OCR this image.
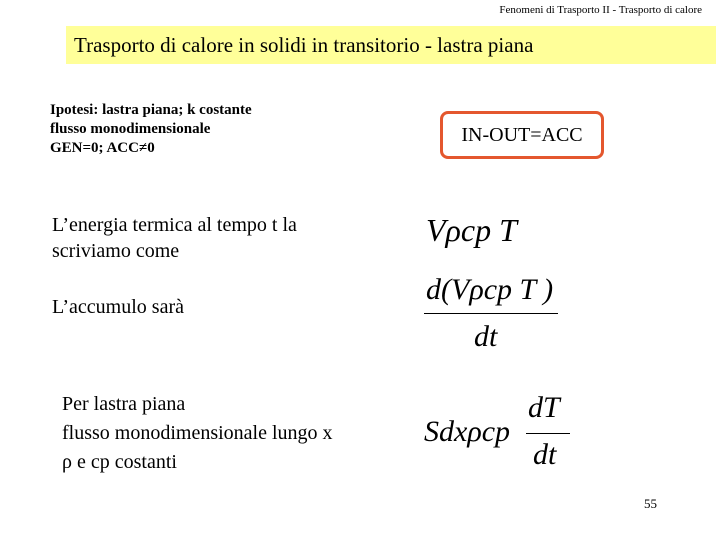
Fenomeni di Trasporto II - Trasporto di calore
Trasporto di calore in solidi in transitorio - lastra piana
Ipotesi: lastra piana; k costante
flusso monodimensionale
GEN=0; ACC≠0
IN-OUT=ACC
L’energia termica al tempo t la
scriviamo come
Vρcp T
L’accumulo sarà
d(Vρcp T )
dt
Per lastra piana
flusso monodimensionale lungo x
ρ e cp costanti
Sdxρcp
dT
dt
55
